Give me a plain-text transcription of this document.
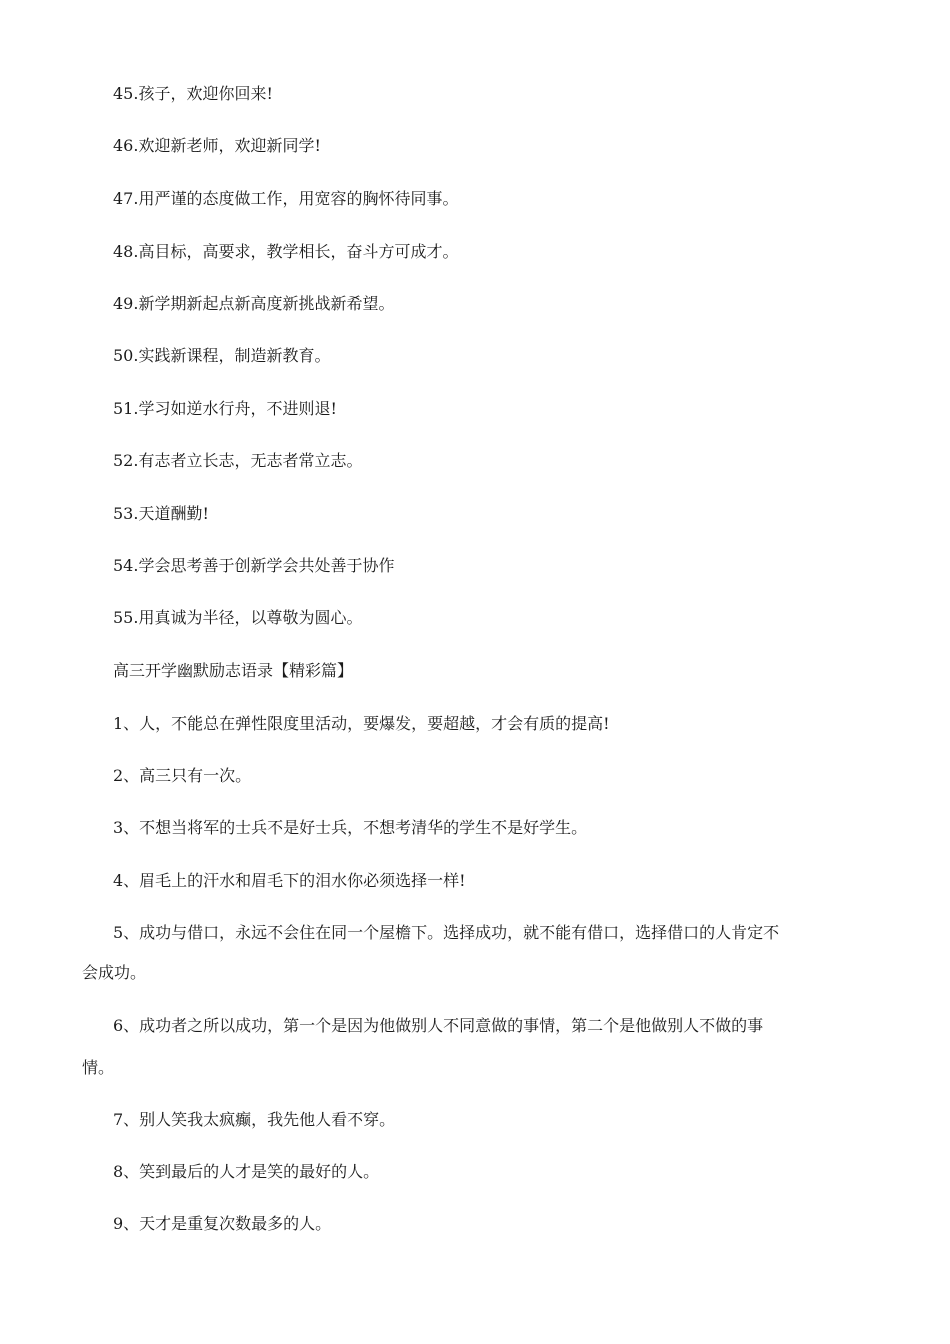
45.孩子，欢迎你回来!

46.欢迎新老师，欢迎新同学!

47.用严谨的态度做工作，用宽容的胸怀待同事。

48.高目标，高要求，教学相长，奋斗方可成才。

49.新学期新起点新高度新挑战新希望。

50.实践新课程，制造新教育。

51.学习如逆水行舟，不进则退!

52.有志者立长志，无志者常立志。

53.天道酬勤!

54.学会思考善于创新学会共处善于协作

55.用真诚为半径，以尊敬为圆心。

高三开学幽默励志语录【精彩篇】

1、人，不能总在弹性限度里活动，要爆发，要超越，才会有质的提高!

2、高三只有一次。

3、不想当将军的士兵不是好士兵，不想考清华的学生不是好学生。

4、眉毛上的汗水和眉毛下的泪水你必须选择一样!

5、成功与借口，永远不会住在同一个屋檐下。选择成功，就不能有借口，选择借口的人肯定不

会成功。

6、成功者之所以成功，第一个是因为他做别人不同意做的事情，第二个是他做别人不做的事

情。

7、别人笑我太疯癫，我先他人看不穿。

8、笑到最后的人才是笑的最好的人。

9、天才是重复次数最多的人。
